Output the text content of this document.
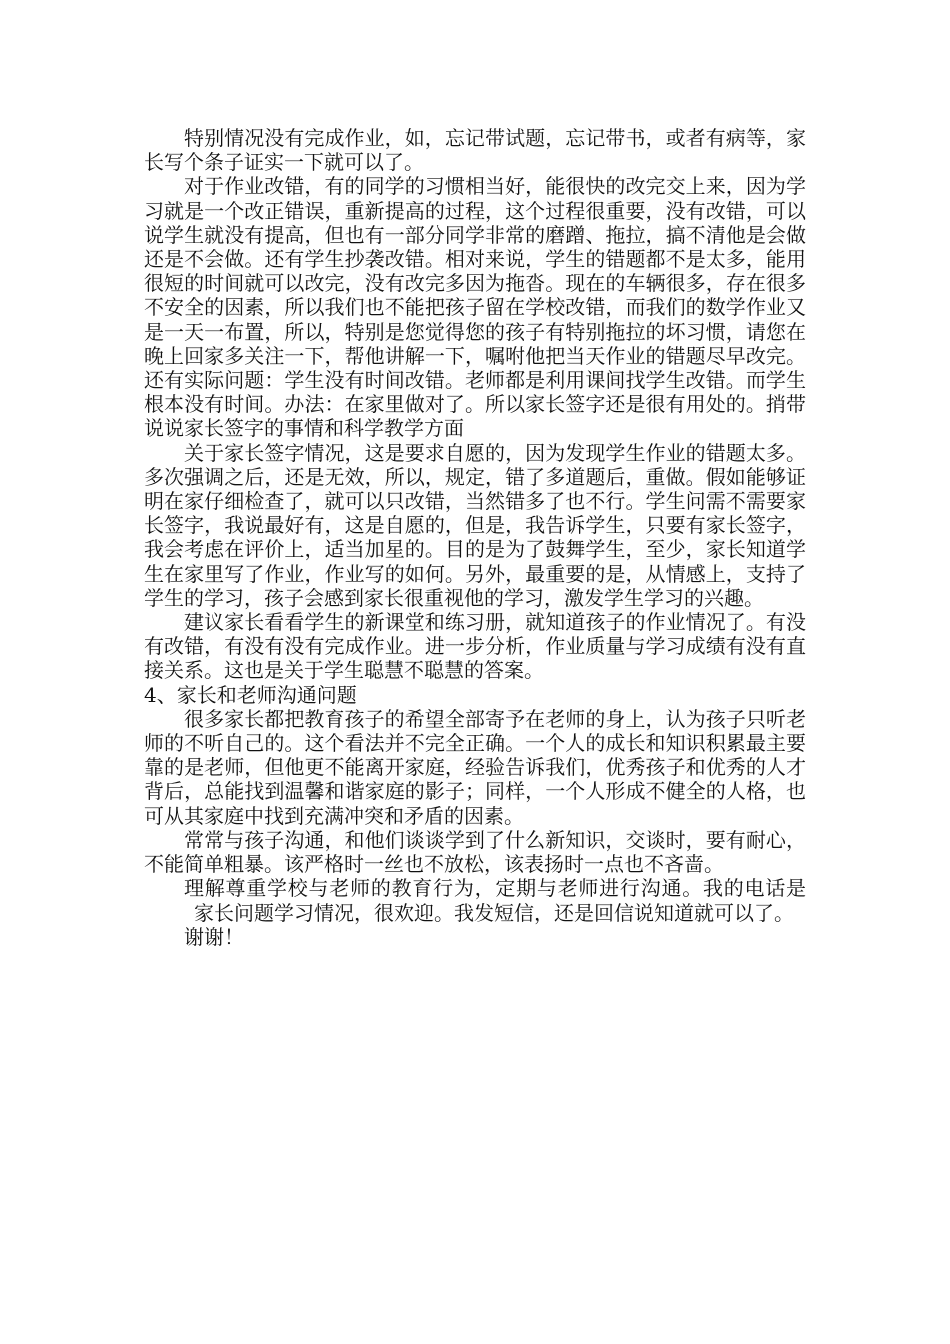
特别情况没有完成作业，如，忘记带试题，忘记带书，或者有病等，家长写个条子证实一下就可以了。

对于作业改错，有的同学的习惯相当好，能很快的改完交上来，因为学习就是一个改正错误，重新提高的过程，这个过程很重要，没有改错，可以说学生就没有提高，但也有一部分同学非常的磨蹭、拖拉，搞不清他是会做还是不会做。还有学生抄袭改错。相对来说，学生的错题都不是太多，能用很短的时间就可以改完，没有改完多因为拖沓。现在的车辆很多，存在很多不安全的因素，所以我们也不能把孩子留在学校改错，而我们的数学作业又是一天一布置，所以，特别是您觉得您的孩子有特别拖拉的坏习惯，请您在晚上回家多关注一下，帮他讲解一下，嘱咐他把当天作业的错题尽早改完。还有实际问题：学生没有时间改错。老师都是利用课间找学生改错。而学生根本没有时间。办法：在家里做对了。所以家长签字还是很有用处的。捎带说说家长签字的事情和科学教学方面

关于家长签字情况，这是要求自愿的，因为发现学生作业的错题太多。多次强调之后，还是无效，所以，规定，错了多道题后，重做。假如能够证明在家仔细检查了，就可以只改错，当然错多了也不行。学生问需不需要家长签字，我说最好有，这是自愿的，但是，我告诉学生，只要有家长签字，我会考虑在评价上，适当加星的。目的是为了鼓舞学生，至少，家长知道学生在家里写了作业，作业写的如何。另外，最重要的是，从情感上，支持了学生的学习，孩子会感到家长很重视他的学习，激发学生学习的兴趣。

建议家长看看学生的新课堂和练习册，就知道孩子的作业情况了。有没有改错，有没有没有完成作业。进一步分析，作业质量与学习成绩有没有直接关系。这也是关于学生聪慧不聪慧的答案。

4、家长和老师沟通问题

很多家长都把教育孩子的希望全部寄予在老师的身上，认为孩子只听老师的不听自己的。这个看法并不完全正确。一个人的成长和知识积累最主要靠的是老师，但他更不能离开家庭，经验告诉我们，优秀孩子和优秀的人才背后，总能找到温馨和谐家庭的影子；同样，一个人形成不健全的人格，也可从其家庭中找到充满冲突和矛盾的因素。

常常与孩子沟通，和他们谈谈学到了什么新知识，交谈时，要有耐心，不能简单粗暴。该严格时一丝也不放松，该表扬时一点也不吝啬。

理解尊重学校与老师的教育行为，定期与老师进行沟通。我的电话是家长问题学习情况，很欢迎。我发短信，还是回信说知道就可以了。

谢谢！
